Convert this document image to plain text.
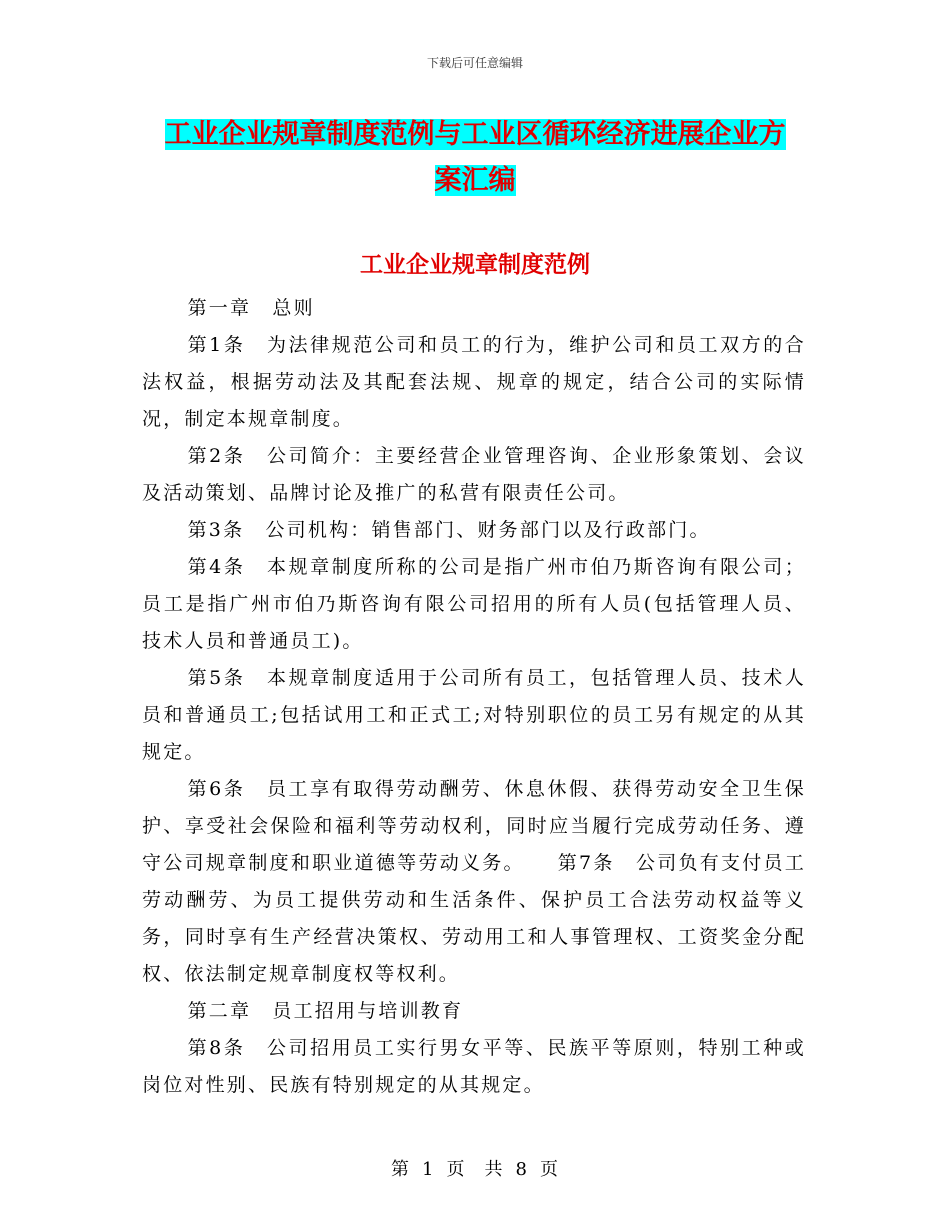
下载后可任意编辑
工业企业规章制度范例与工业区循环经济进展企业方
案汇编
工业企业规章制度范例

第一章　总则

第1条　为法律规范公司和员工的行为，维护公司和员工双方的合法权益，根据劳动法及其配套法规、规章的规定，结合公司的实际情况，制定本规章制度。

第2条　公司简介：主要经营企业管理咨询、企业形象策划、会议及活动策划、品牌讨论及推广的私营有限责任公司。

第3条　公司机构：销售部门、财务部门以及行政部门。

第4条　本规章制度所称的公司是指广州市伯乃斯咨询有限公司；员工是指广州市伯乃斯咨询有限公司招用的所有人员(包括管理人员、技术人员和普通员工)。

第5条　本规章制度适用于公司所有员工，包括管理人员、技术人员和普通员工;包括试用工和正式工;对特别职位的员工另有规定的从其规定。

第6条　员工享有取得劳动酬劳、休息休假、获得劳动安全卫生保护、享受社会保险和福利等劳动权利，同时应当履行完成劳动任务、遵守公司规章制度和职业道德等劳动义务。　　第7条　公司负有支付员工劳动酬劳、为员工提供劳动和生活条件、保护员工合法劳动权益等义务，同时享有生产经营决策权、劳动用工和人事管理权、工资奖金分配权、依法制定规章制度权等权利。

第二章　员工招用与培训教育

第8条　公司招用员工实行男女平等、民族平等原则，特别工种或岗位对性别、民族有特别规定的从其规定。

第 1 页　共 8 页
